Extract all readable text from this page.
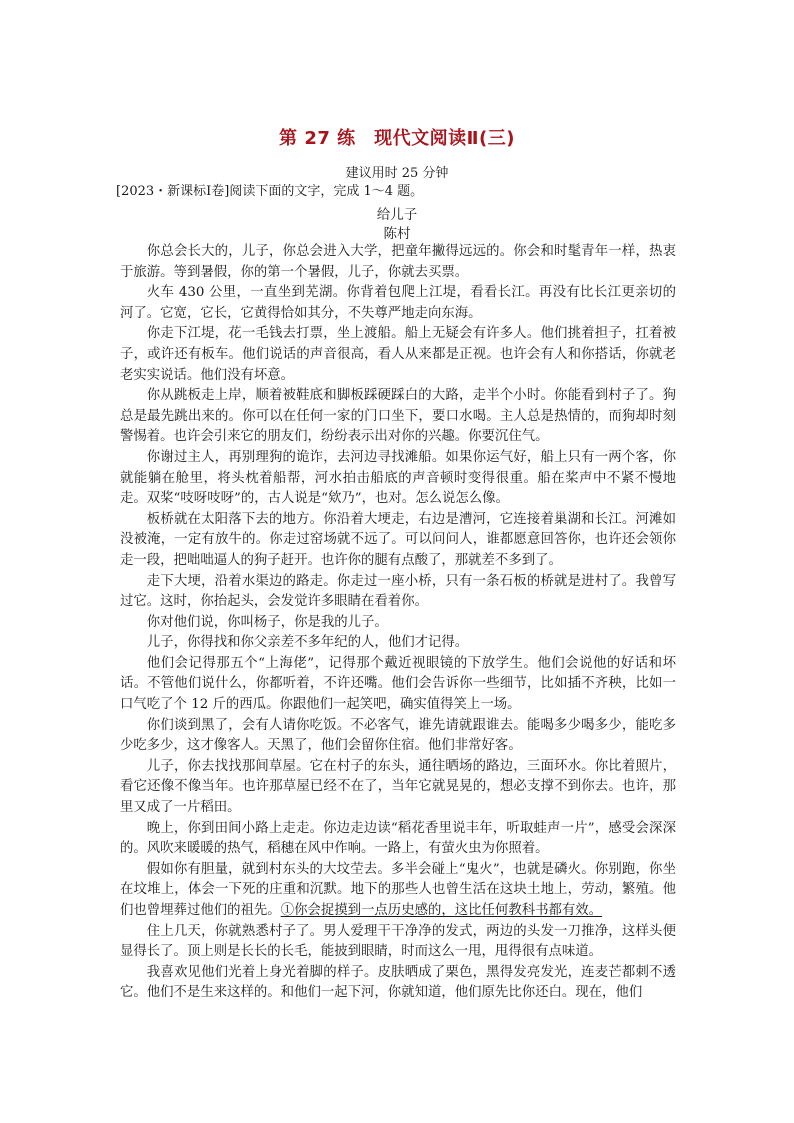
第 27 练　现代文阅读Ⅱ(三)
建议用时 25 分钟
[2023・新课标Ⅰ卷]阅读下面的文字，完成 1～4 题。
给儿子
陈村

你总会长大的，儿子，你总会进入大学，把童年撇得远远的。你会和时髦青年一样，热衷于旅游。等到暑假，你的第一个暑假，儿子，你就去买票。

火车 430 公里，一直坐到芜湖。你背着包爬上江堤，看看长江。再没有比长江更亲切的河了。它宽，它长，它黄得恰如其分，不失尊严地走向东海。

你走下江堤，花一毛钱去打票，坐上渡船。船上无疑会有许多人。他们挑着担子，扛着被子，或许还有板车。他们说话的声音很高，看人从来都是正视。也许会有人和你搭话，你就老老实实说话。他们没有坏意。

你从跳板走上岸，顺着被鞋底和脚板踩硬踩白的大路，走半个小时。你能看到村子了。狗总是最先跳出来的。你可以在任何一家的门口坐下，要口水喝。主人总是热情的，而狗却时刻警惕着。也许会引来它的朋友们，纷纷表示出对你的兴趣。你要沉住气。

你谢过主人，再别理狗的诡诈，去河边寻找滩船。如果你运气好，船上只有一两个客，你就能躺在舱里，将头枕着船帮，河水拍击船底的声音顿时变得很重。船在桨声中不紧不慢地走。双桨“吱呀吱呀”的，古人说是“欸乃”，也对。怎么说怎么像。

板桥就在太阳落下去的地方。你沿着大埂走，右边是漕河，它连接着巢湖和长江。河滩如没被淹，一定有放牛的。你走过窑场就不远了。可以问问人，谁都愿意回答你，也许还会领你走一段，把咄咄逼人的狗子赶开。也许你的腿有点酸了，那就差不多到了。

走下大埂，沿着水渠边的路走。你走过一座小桥，只有一条石板的桥就是进村了。我曾写过它。这时，你抬起头，会发觉许多眼睛在看着你。

你对他们说，你叫杨子，你是我的儿子。

儿子，你得找和你父亲差不多年纪的人，他们才记得。

他们会记得那五个“上海佬”，记得那个戴近视眼镜的下放学生。他们会说他的好话和坏话。不管他们说什么，你都听着，不许还嘴。他们会告诉你一些细节，比如插不齐秧，比如一口气吃了个 12 斤的西瓜。你跟他们一起笑吧，确实值得笑上一场。

你们谈到黑了，会有人请你吃饭。不必客气，谁先请就跟谁去。能喝多少喝多少，能吃多少吃多少，这才像客人。天黑了，他们会留你住宿。他们非常好客。

儿子，你去找找那间草屋。它在村子的东头，通往晒场的路边，三面环水。你比着照片，看它还像不像当年。也许那草屋已经不在了，当年它就晃晃的，想必支撑不到你去。也许，那里又成了一片稻田。

晚上，你到田间小路上走走。你边走边读“稻花香里说丰年，听取蛙声一片”，感受会深深的。风吹来暖暖的热气，稻穗在风中作响。一路上，有萤火虫为你照着。

假如你有胆量，就到村东头的大坟茔去。多半会碰上“鬼火”，也就是磷火。你别跑，你坐在坟堆上，体会一下死的庄重和沉默。地下的那些人也曾生活在这块土地上，劳动，繁殖。他们也曾埋葬过他们的祖先。①你会捉摸到一点历史感的，这比任何教科书都有效。

住上几天，你就熟悉村子了。男人爱理干干净净的发式，两边的头发一刀推净，这样头便显得长了。顶上则是长长的长毛，能披到眼睛，时而这么一甩，甩得很有点味道。

我喜欢见他们光着上身光着脚的样子。皮肤晒成了栗色，黑得发亮发光，连麦芒都刺不透它。他们不是生来这样的。和他们一起下河，你就知道，他们原先比你还白。现在，他们
